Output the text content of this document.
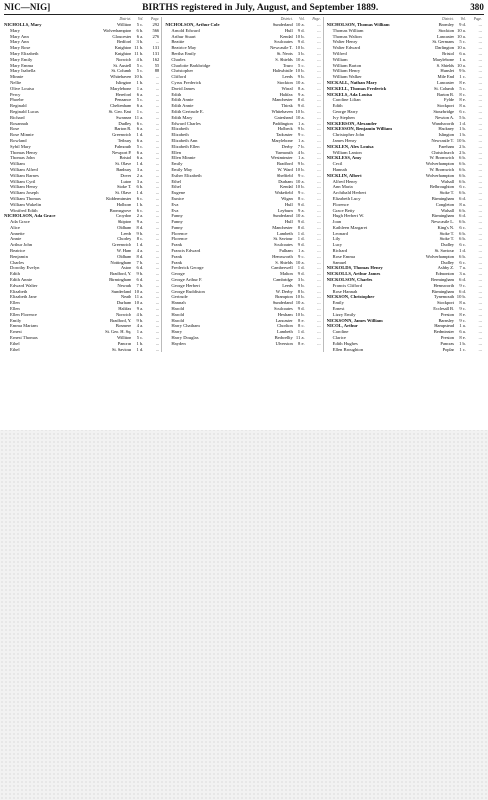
NIC—NIG]	BIRTHS registered in July, August, and September 1889.	380
District.	Vol.	Page.
NICHOLLS, Mary	Williton	5 c.	292
Mary	Wolverhampton	6 b.	566
Mary Ann	Gloucester	6 a.	276
Mary Ann	Bedford	3 b.	...
Mary Rose	Knighton 11 b.	131
Mary Elizabeth	Knighton 11 b.	131
Mary Emily	Norwich	4 b.	162
Mary Emma	St. Austell	5 c.	55
Mary Isabella	St. Columb	5 c.	88
Minnie	Whitehaven 10 b.	...
Nellie	Islington	1 b.	...
Olive Louisa	Marylebone	1 a.	...
Percy	Hereford	6 a.	...
Phoebe	Penzance	5 c.	...
Reginald	Cheltenham	6 a.	...
Reginald Lucas	St. Geo. East	1 c.	...
Richard	Swansea 11 a.	...
Rosannah	Dudley	6 c.	...
Rose	Barton R.	6 a.	...
Rose Minnie	Greenwich	1 d.	...
Rowland	Tetbury	6 a.	...
Sybil Mary	Falmouth	5 c.	...
Thomas Henry	Newport P.	6 a.	...
Thomas John	Bristol	6 a.	...
William	St. Olave	1 d.	...
William Alfred	Banbury	3 a.	...
William Barnes	Dover	2 a.	...
William Cyril	Luton	3 a.	...
William Henry	Stoke T.	6 b.	...
William Joseph	St. Olave	1 d.	...
William Thomas	Kidderminster	6 c.	...
William Wakelin	Holborn	1 b.	...
Winifred Edith	Bromsgrove	6 c.	...
NICHOLSON, Ada Grace	Croydon	2 a.	...
Ada Grace	Skipton	9 a.	...
Alice	Oldham	8 d.	...
Annette	Leeds	9 b.	...
Annie	Chorley	8 c.	...
Arthur John	Greenwich	1 d.	...
Beatrice	W. Ham	4 a.	...
Benjamin	Oldham	8 d.	...
Charles	Nottingham	7 b.	...
Dorothy Evelyn	Aston	6 d.	...
Edith	Bradford, Y.	9 b.	...
Edith Annie	Birmingham	6 d.	...
Edward Walter	Newark	7 b.	...
Elizabeth	Sunderland 10 a.	...
Elizabeth Jane	Neath 11 a.	...
Ellen	Durham 10 a.	...
Ellen	Halifax	9 a.	...
Ellen Florence	Norwich	4 b.	...
Emily	Bradford, Y.	9 b.	...
Emma Mariam	Bosmere	4 a.	...
Ernest	St. Geo. H. Sq.	1 a.	...
Ernest Thomas	Williton	5 c.	...
Ethel	Pancras	1 b.	...
Ethel	St. Saviour	1 d.	...
District.	Vol.	Page.
NICHOLSON, Arthur Cole	Sunderland 10 a.	...
Arnold Edward	Hull	9 d.	...
Arthur Stuart	Kendal 10 b.	...
Beattie	Sculcoates	9 d.	...
Beatrice May	Newcastle T. 10 b.	...
Bertha Emily	St. Neots	3 b.	...
Charles	S. Shields 10 a.	...
Charlotte Barkbridge	Truro	5 c.	...
Christopher	Haltwhistle 10 b.	...
Clifford	Leeds	9 b.	...
Cyrus Frederick	Stockton 10 a.	...
David James	Wirral	8 a.	...
Edith	Halifax	9 a.	...
Edith Annie	Manchester	8 d.	...
Edith Annie	Thirsk	9 d.	...
Edith Gertrude E.	Whitehaven 10 b.	...
Edith Mary	Gateshead 10 a.	...
Edward Charles	Paddington	1 a.	...
Elizabeth	Holbeck	9 b.	...
Elizabeth	Tadcaster	9 c.	...
Elizabeth Ann	Marylebone	1 a.	...
Elizabeth Ellen	Derby	7 b.	...
Ellen	Yarmouth	4 b.	...
Ellen Minnie	Westminster	1 a.	...
Emily	Bradford	9 b.	...
Emily May	W. Ward 10 b.	...
Esther Elizabeth	Sheffield	9 c.	...
Ethel	Durham 10 a.	...
Ethel	Kendal 10 b.	...
Eugene	Wakefield	9 c.	...
Eunice	Wigan	8 c.	...
Eva	Hull	9 d.	...
Eva	Leyburn	9 a.	...
Fanny	Sunderland 10 a.	...
Fanny	Hull	9 d.	...
Fanny	Manchester	8 d.	...
Florence	Lambeth	1 d.	...
Florence	St. Saviour	1 d.	...
Frank	Sculcoates	9 d.	...
Francis Edward	Fulham	1 a.	...
Frank	Hemsworth	9 c.	...
Frank	S. Shields 10 a.	...
Frederick George	Camberwell	1 d.	...
George	Malton	9 d.	...
George Arthur F.	Cambridge	3 b.	...
George Herbert	Leeds	9 b.	...
George Ruddiston	W. Derby	8 b.	...
Gertrude	Brampton 10 b.	...
Hannah	Sunderland 10 a.	...
Harold	Sculcoates	9 d.	...
Harold	Hexham 10 b.	...
Harold	Lancaster	8 e.	...
Harry Chatham	Chorlton	8 c.	...
Harry	Lambeth	1 d.	...
Harry Douglas	Bedwellty 11 a.	...
Hayden	Ulverston	8 e.	...
District.	Vol.	Page.
NICHOLSON, Thomas William	Bromley	9 d.	...
Thomas William	Stockton 10 a.	...
Thomas Walton	Lancaster 10 a.	...
Walter Henry	St. Germans	5 c.	...
Walter Edward	Darlington 10 a.	...
Wilfred	Bristol	6 a.	...
William	Marylebone	1 a.	...
William Barton	S. Shields 10 a.	...
William Henry	Hunslet	9 b.	...
William Walker	Mile End	1 c.	...
NICKALL, Nathan Mary	Lancaster	8 e.	...
NICKELL, Thomas Frederick	St. Columb	5 c.	...
NICKELS, Ada Louisa	Barton R.	8 c.	...
Caroline Lilian	Fylde	8 e.	...
Edith	Stockport	8 a.	...
George Harry	Stourbridge	6 c.	...
Ivy Stephen	Newton A.	5 b.	...
NICKERSON, Alexander	Wandsworth	1 d.	...
NICKESSON, Benjamin William	Hackney	1 b.	...
Christopher John	Islington	1 b.	...
James Henry	Newcastle T. 10 b.	...
NICKLEN, Alex Louisa	Fareham	2 b.	...
William Lanion	Christchurch	2 b.	...
NICKLESS, Amy	W. Bromwich	6 b.	...
Cecil	Wolverhampton	6 b.	...
Hannah	W. Bromwich	6 b.	...
NICKLIN, Albert	Wolverhampton	6 b.	...
Alfred Henry	Walsall	6 b.	...
Ann Maria	Belbroughton	6 c.	...
Archibald Herbert	Stoke T.	6 b.	...
Elizabeth Lucy	Birmingham	6 d.	...
Florence	Congleton	8 a.	...
Grace Betty	Walsall	6 b.	...
Hugh Herbert W.	Birmingham	6 d.	...
Joan	Newcastle L.	6 b.	...
Kathleen Margaret	King's N.	6 c.	...
Leonard	Stoke T.	6 b.	...
Lily	Stoke T.	6 b.	...
Lucy	Dudley	6 c.	...
Richard	St. Saviour	1 d.	...
Rose Emma	Wolverhampton	6 b.	...
Samuel	Dudley	6 c.	...
NICKOLDS, Thomas Henry	Ashby Z.	7 a.	...
NICKOLLS, Arthur James	Edmonton	3 a.	...
NICKOLSON, Charles	Bermingham	6 d.	...
Francis Clifford	Hemsworth	9 c.	...
Rose Hannah	Birmingham	6 d.	...
NICKSON, Christopher	Tynemouth 10 b.	...
Emily	Stockport	8 a.	...
Ernest	Ecclesall B.	9 c.	...
Lizzy Emily	Preston	8 e.	...
NICKSONN, James William	Barnsley	9 c.	...
NICOL, Arthur	Hampstead	1 a.	...
Caroline	Bedminster	6 a.	...
Clarice	Preston	8 e.	...
Edith Hughes	Pancras	1 b.	...
Ellen Broughton	Poplar	1 c.	...
